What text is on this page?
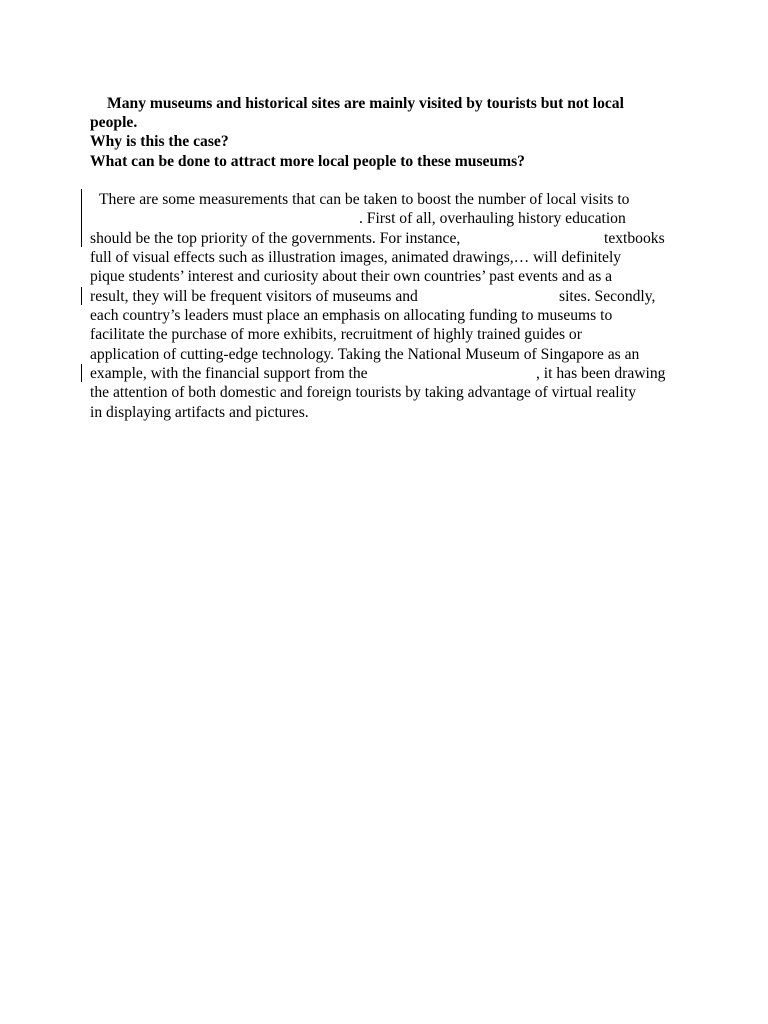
Many museums and historical sites are mainly visited by tourists but not local
people.
Why is this the case?
What can be done to attract more local people to these museums?
There are some measurements that can be taken to boost the number of local visits to
. First of all, overhauling history education
should be the top priority of the governments. For instance,	textbooks
full of visual effects such as illustration images, animated drawings,… will definitely
pique students’ interest and curiosity about their own countries’ past events and as a
result, they will be frequent visitors of museums and	sites. Secondly,
each country’s leaders must place an emphasis on allocating funding to museums to
facilitate the purchase of more exhibits, recruitment of highly trained guides or
application of cutting-edge technology. Taking the National Museum of Singapore as an
example, with the financial support from the	, it has been drawing
the attention of both domestic and foreign tourists by taking advantage of virtual reality
in displaying artifacts and pictures.
